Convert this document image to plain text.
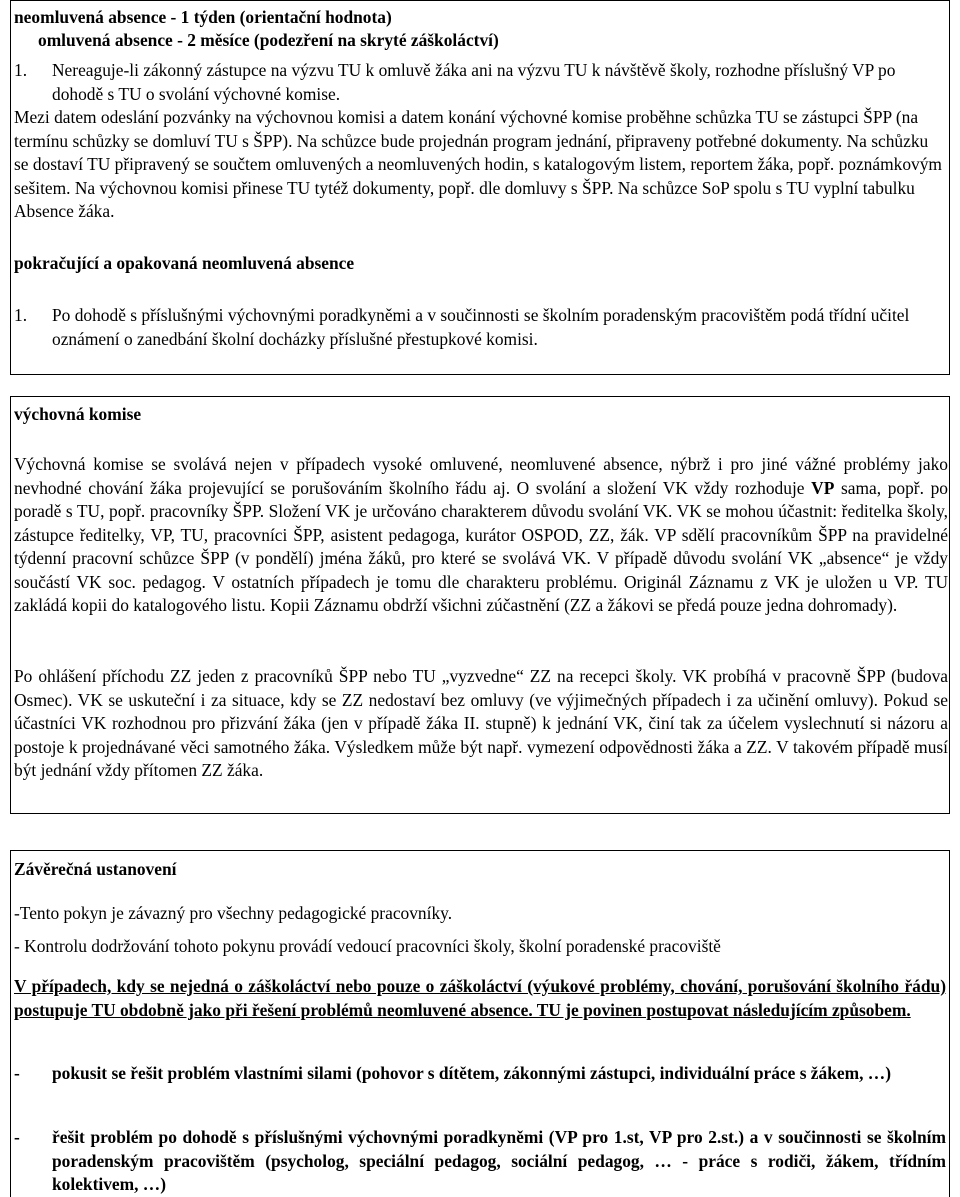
neomluvená absence - 1 týden (orientační hodnota)
omluvená absence - 2 měsíce (podezření na skryté záškoláctví)
1. Nereaguje-li zákonný zástupce na výzvu TU k omluvě žáka ani na výzvu TU k návštěvě školy, rozhodne příslušný VP po dohodě s TU o svolání výchovné komise.
Mezi datem odeslání pozvánky na výchovnou komisi a datem konání výchovné komise proběhne schůzka TU se zástupci ŠPP (na termínu schůzky se domluví TU s ŠPP). Na schůzce bude projednán program jednání, připraveny potřebné dokumenty. Na schůzku se dostaví TU připravený se součtem omluvených a neomluvených hodin, s katalogovým listem, reportem žáka, popř. poznámkovým sešitem. Na výchovnou komisi přinese TU tytéž dokumenty, popř. dle domluvy s ŠPP. Na schůzce SoP spolu s TU vyplní tabulku Absence žáka.
pokračující a opakovaná neomluvená absence
1. Po dohodě s příslušnými výchovnými poradkyněmi a v součinnosti se školním poradenským pracovištěm podá třídní učitel oznámení o zanedbání školní docházky příslušné přestupkové komisi.
výchovná komise
Výchovná komise se svolává nejen v případech vysoké omluvené, neomluvené absence, nýbrž i pro jiné vážné problémy jako nevhodné chování žáka projevující se porušováním školního řádu aj. O svolání a složení VK vždy rozhoduje VP sama, popř. po poradě s TU, popř. pracovníky ŠPP. Složení VK je určováno charakterem důvodu svolání VK. VK se mohou účastnit: ředitelka školy, zástupce ředitelky, VP, TU, pracovníci ŠPP, asistent pedagoga, kurátor OSPOD, ZZ, žák. VP sdělí pracovníkům ŠPP na pravidelné týdenní pracovní schůzce ŠPP (v pondělí) jména žáků, pro které se svolává VK. V případě důvodu svolání VK „absence“ je vždy součástí VK soc. pedagog. V ostatních případech je tomu dle charakteru problému. Originál Záznamu z VK je uložen u VP. TU zakládá kopii do katalogového listu. Kopii Záznamu obdrží všichni zúčastnění (ZZ a žákovi se předá pouze jedna dohromady).
Po ohlášení příchodu ZZ jeden z pracovníků ŠPP nebo TU „vyzvedne“ ZZ na recepci školy. VK probíhá v pracovně ŠPP (budova Osmec). VK se uskuteční i za situace, kdy se ZZ nedostaví bez omluvy (ve výjimečných případech i za učinění omluvy). Pokud se účastníci VK rozhodnou pro přizvání žáka (jen v případě žáka II. stupně) k jednání VK, činí tak za účelem vyslechnutí si názoru a postoje k projednávané věci samotného žáka. Výsledkem může být např. vymezení odpovědnosti žáka a ZZ. V takovém případě musí být jednání vždy přítomen ZZ žáka.
Závěrečná ustanovení
-Tento pokyn je závazný pro všechny pedagogické pracovníky.
- Kontrolu dodržování tohoto pokynu provádí vedoucí pracovníci školy, školní poradenské pracoviště
V případech, kdy se nejedná o záškoláctví nebo pouze o záškoláctví (výukové problémy, chování, porušování školního řádu) postupuje TU obdobně jako při řešení problémů neomluvené absence. TU je povinen postupovat následujícím způsobem.
- pokusit se řešit problém vlastními silami (pohovor s dítětem, zákonnými zástupci, individuální práce s žákem, …)
- řešit problém po dohodě s příslušnými výchovnými poradkyněmi (VP pro 1.st, VP pro 2.st.) a v součinnosti se školním poradenským pracovištěm (psycholog, speciální pedagog, sociální pedagog, … - práce s rodiči, žákem, třídním kolektivem, …)
